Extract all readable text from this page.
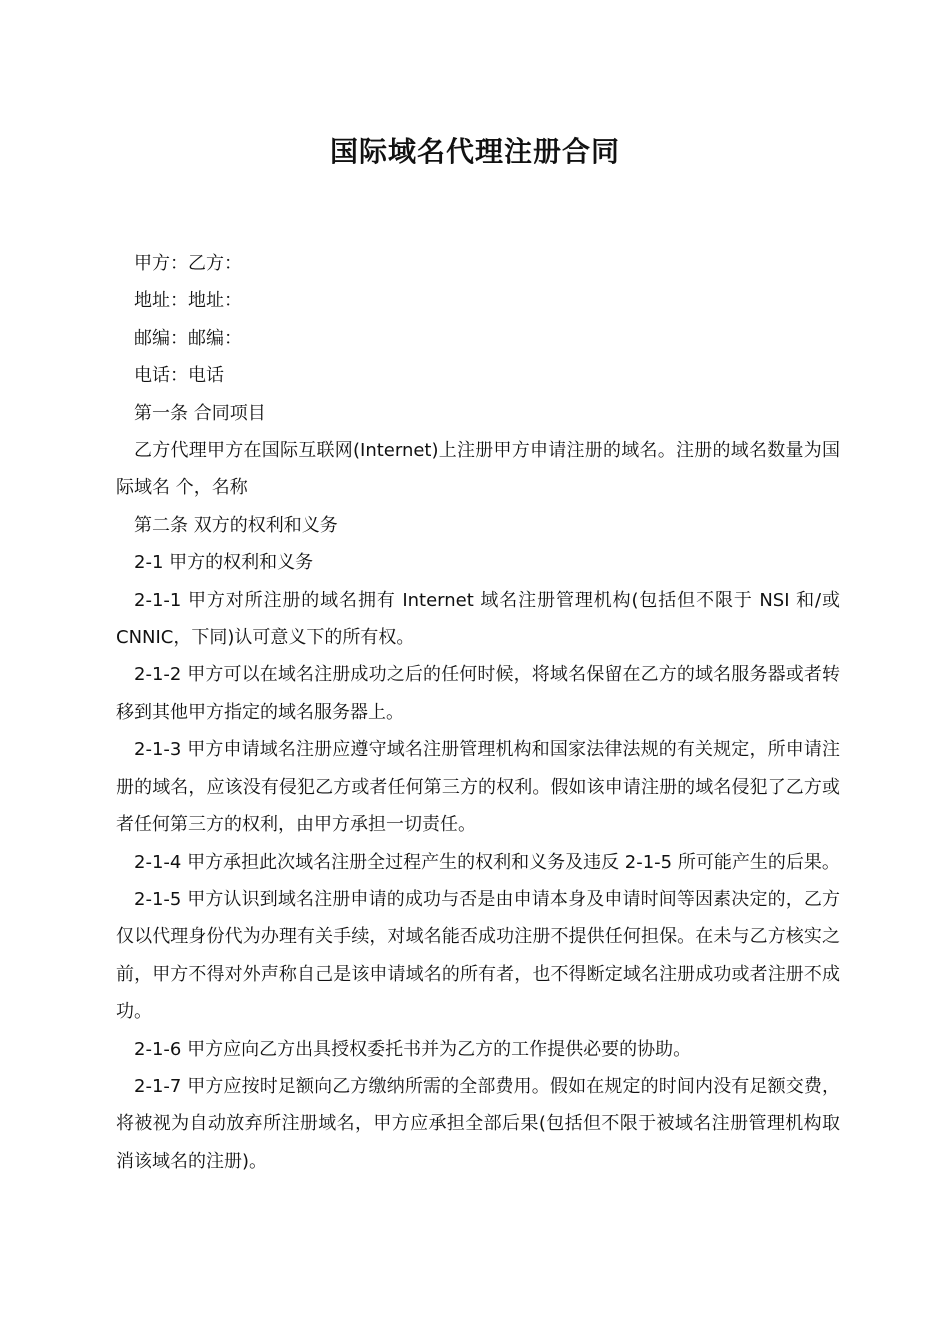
国际域名代理注册合同

甲方：乙方：

地址：地址：

邮编：邮编：

电话：电话

第一条 合同项目

乙方代理甲方在国际互联网(Internet)上注册甲方申请注册的域名。注册的域名数量为国际域名 个，名称

第二条 双方的权利和义务

2-1 甲方的权利和义务

2-1-1 甲方对所注册的域名拥有 Internet 域名注册管理机构(包括但不限于 NSI 和/或 CNNIC，下同)认可意义下的所有权。

2-1-2 甲方可以在域名注册成功之后的任何时候，将域名保留在乙方的域名服务器或者转移到其他甲方指定的域名服务器上。

2-1-3 甲方申请域名注册应遵守域名注册管理机构和国家法律法规的有关规定，所申请注册的域名，应该没有侵犯乙方或者任何第三方的权利。假如该申请注册的域名侵犯了乙方或者任何第三方的权利，由甲方承担一切责任。

2-1-4 甲方承担此次域名注册全过程产生的权利和义务及违反 2-1-5 所可能产生的后果。

2-1-5 甲方认识到域名注册申请的成功与否是由申请本身及申请时间等因素决定的，乙方仅以代理身份代为办理有关手续，对域名能否成功注册不提供任何担保。在未与乙方核实之前，甲方不得对外声称自己是该申请域名的所有者，也不得断定域名注册成功或者注册不成功。

2-1-6 甲方应向乙方出具授权委托书并为乙方的工作提供必要的协助。

2-1-7 甲方应按时足额向乙方缴纳所需的全部费用。假如在规定的时间内没有足额交费，将被视为自动放弃所注册域名，甲方应承担全部后果(包括但不限于被域名注册管理机构取消该域名的注册)。
